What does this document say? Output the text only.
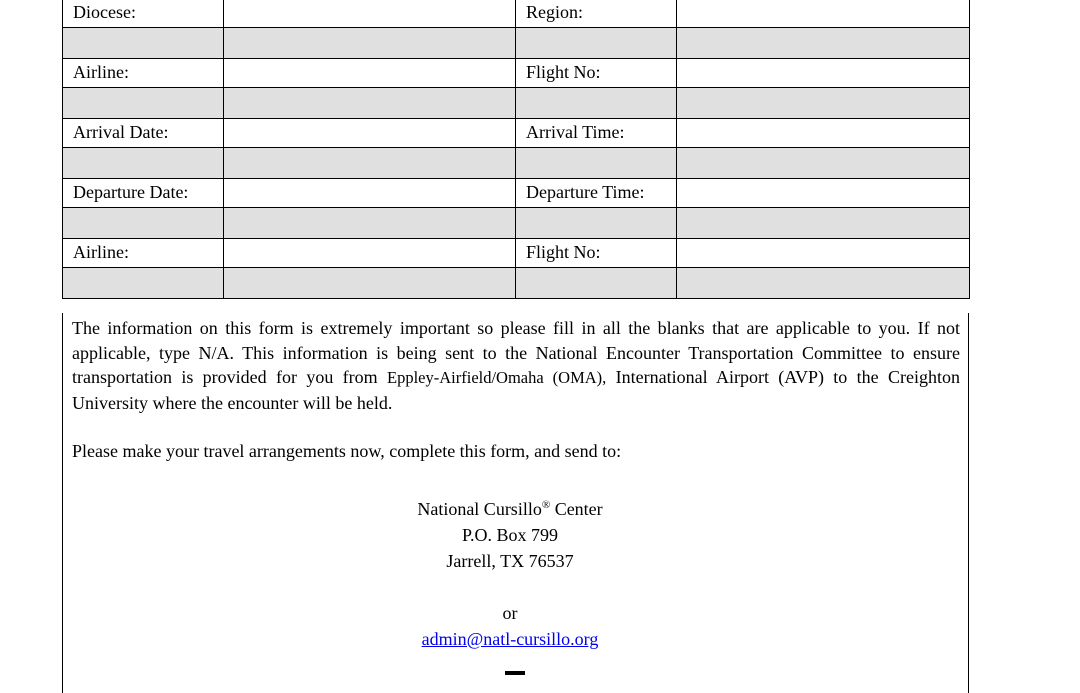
Diocese:		Region:	

Airline:		Flight No:	

Arrival Date:		Arrival Time:	

Departure Date:		Departure Time:	

Airline:		Flight No:	

The information on this form is extremely important so please fill in all the blanks that are applicable to you. If not applicable, type N/A. This information is being sent to the National Encounter Transportation Committee to ensure transportation is provided for you from Eppley-Airfield/Omaha (OMA), International Airport (AVP) to the Creighton University where the encounter will be held.

Please make your travel arrangements now, complete this form, and send to:

National Cursillo® Center
P.O. Box 799
Jarrell, TX 76537
or
admin@natl-cursillo.org
